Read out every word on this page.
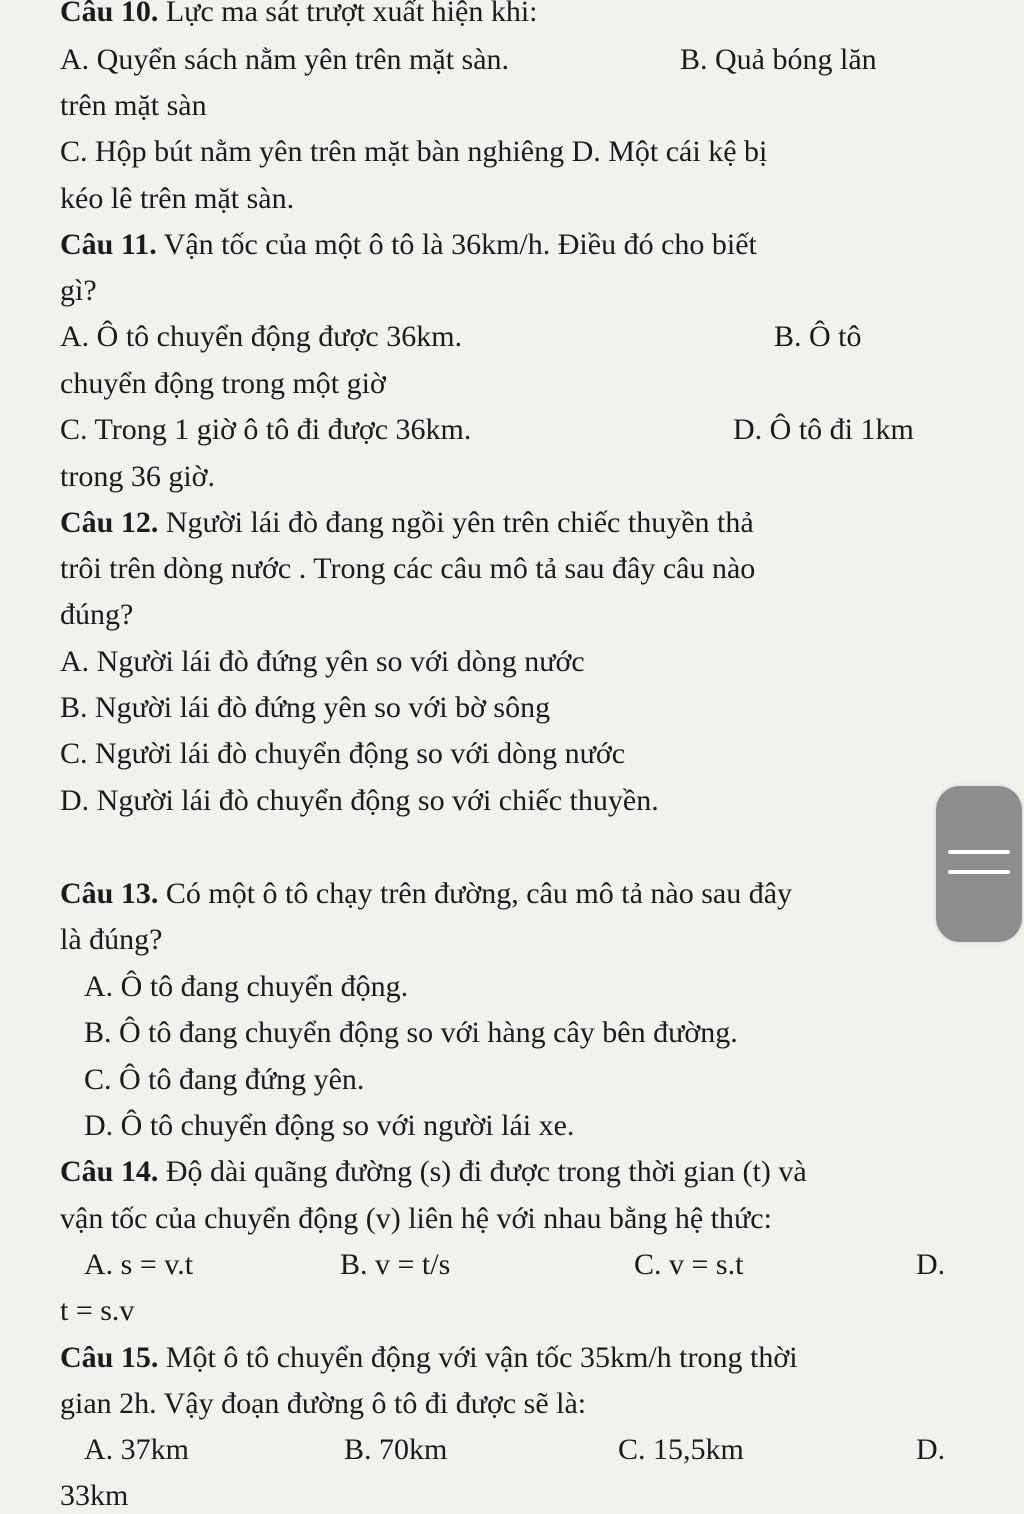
Câu 10. Lực ma sát trượt xuất hiện khi:
A. Quyển sách nằm yên trên mặt sàn.	B. Quả bóng lăn
trên mặt sàn
C. Hộp bút nằm yên trên mặt bàn nghiêng D. Một cái kệ bị
kéo lê trên mặt sàn.
Câu 11. Vận tốc của một ô tô là 36km/h. Điều đó cho biết
gì?
A. Ô tô chuyển động được 36km.	B. Ô tô
chuyển động trong một giờ
C. Trong 1 giờ ô tô đi được 36km.	D. Ô tô đi 1km
trong 36 giờ.
Câu 12. Người lái đò đang ngồi yên trên chiếc thuyền thả
trôi trên dòng nước . Trong các câu mô tả sau đây câu nào
đúng?
A. Người lái đò đứng yên so với dòng nước
B. Người lái đò đứng yên so với bờ sông
C. Người lái đò chuyển động so với dòng nước
D. Người lái đò chuyển động so với chiếc thuyền.
Câu 13. Có một ô tô chạy trên đường, câu mô tả nào sau đây
là đúng?
A. Ô tô đang chuyển động.
B. Ô tô đang chuyển động so với hàng cây bên đường.
C. Ô tô đang đứng yên.
D. Ô tô chuyển động so với người lái xe.
Câu 14. Độ dài quãng đường (s) đi được trong thời gian (t) và
vận tốc của chuyển động (v) liên hệ với nhau bằng hệ thức:
A. s = v.t	B. v = t/s	C. v = s.t	D.
t = s.v
Câu 15. Một ô tô chuyển động với vận tốc 35km/h trong thời
gian 2h. Vậy đoạn đường ô tô đi được sẽ là:
A. 37km	B. 70km	C. 15,5km	D.
33km
